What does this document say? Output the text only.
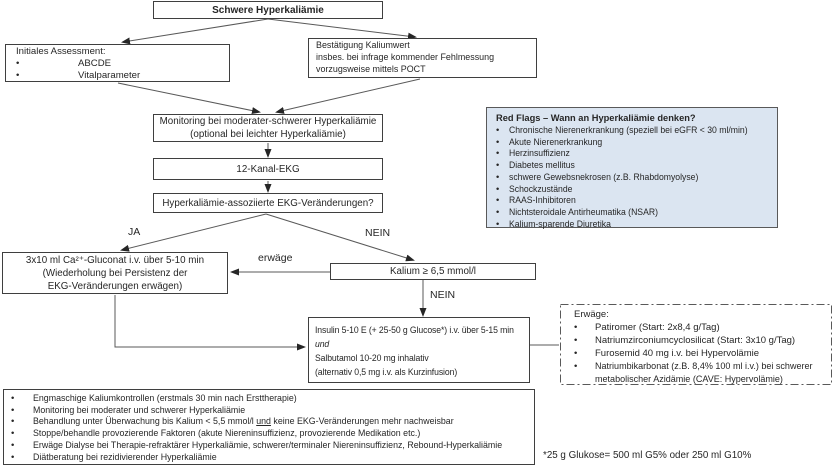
Schwere Hyperkaliämie
Initiales Assessment:
•
ABCDE
•
Vitalparameter
Bestätigung Kaliumwert
insbes. bei infrage kommender Fehlmessung
vorzugsweise mittels POCT
Monitoring bei moderater-schwerer Hyperkaliämie
(optional bei leichter Hyperkaliämie)
12-Kanal-EKG
Hyperkaliämie-assoziierte EKG-Veränderungen?
JA	NEIN
erwäge
NEIN
3x10 ml Ca²⁺-Gluconat i.v. über 5-10 min
(Wiederholung bei Persistenz der
EKG-Veränderungen erwägen)
Kalium ≥ 6,5 mmol/l
Insulin 5-10 E (+ 25-50 g Glucose*) i.v. über 5-15 min
und
Salbutamol 10-20 mg inhalativ
(alternativ 0,5 mg i.v. als Kurzinfusion)
Red Flags – Wann an Hyperkaliämie denken?
•
Chronische Nierenerkrankung (speziell bei eGFR < 30 ml/min)
•
Akute Nierenerkrankung
•
Herzinsuffizienz
•
Diabetes mellitus
•
schwere Gewebsnekrosen (z.B. Rhabdomyolyse)
•
Schockzustände
•
RAAS-Inhibitoren
•
Nichtsteroidale Antirheumatika (NSAR)
•
Kalium-sparende Diuretika
Erwäge:
•
Patiromer (Start: 2x8,4 g/Tag)
•
Natriumzirconiumcyclosilicat (Start: 3x10 g/Tag)
•
Furosemid 40 mg i.v. bei Hypervolämie
•
Natriumbikarbonat (z.B. 8,4% 100 ml i.v.) bei schwerer metabolischer Azidämie (CAVE: Hypervolämie)
•
Engmaschige Kaliumkontrollen (erstmals 30 min nach Ersttherapie)
•
Monitoring bei moderater und schwerer Hyperkaliämie
•
Behandlung unter Überwachung bis Kalium < 5,5 mmol/l und keine EKG-Veränderungen mehr nachweisbar
•
Stoppe/behandle provozierende Faktoren (akute Niereninsuffizienz, provozierende Medikation etc.)
•
Erwäge Dialyse bei Therapie-refraktärer Hyperkaliämie, schwerer/terminaler Niereninsuffizienz, Rebound-Hyperkaliämie
•
Diätberatung bei rezidivierender Hyperkaliämie	*25 g Glukose= 500 ml G5% oder 250 ml G10%
